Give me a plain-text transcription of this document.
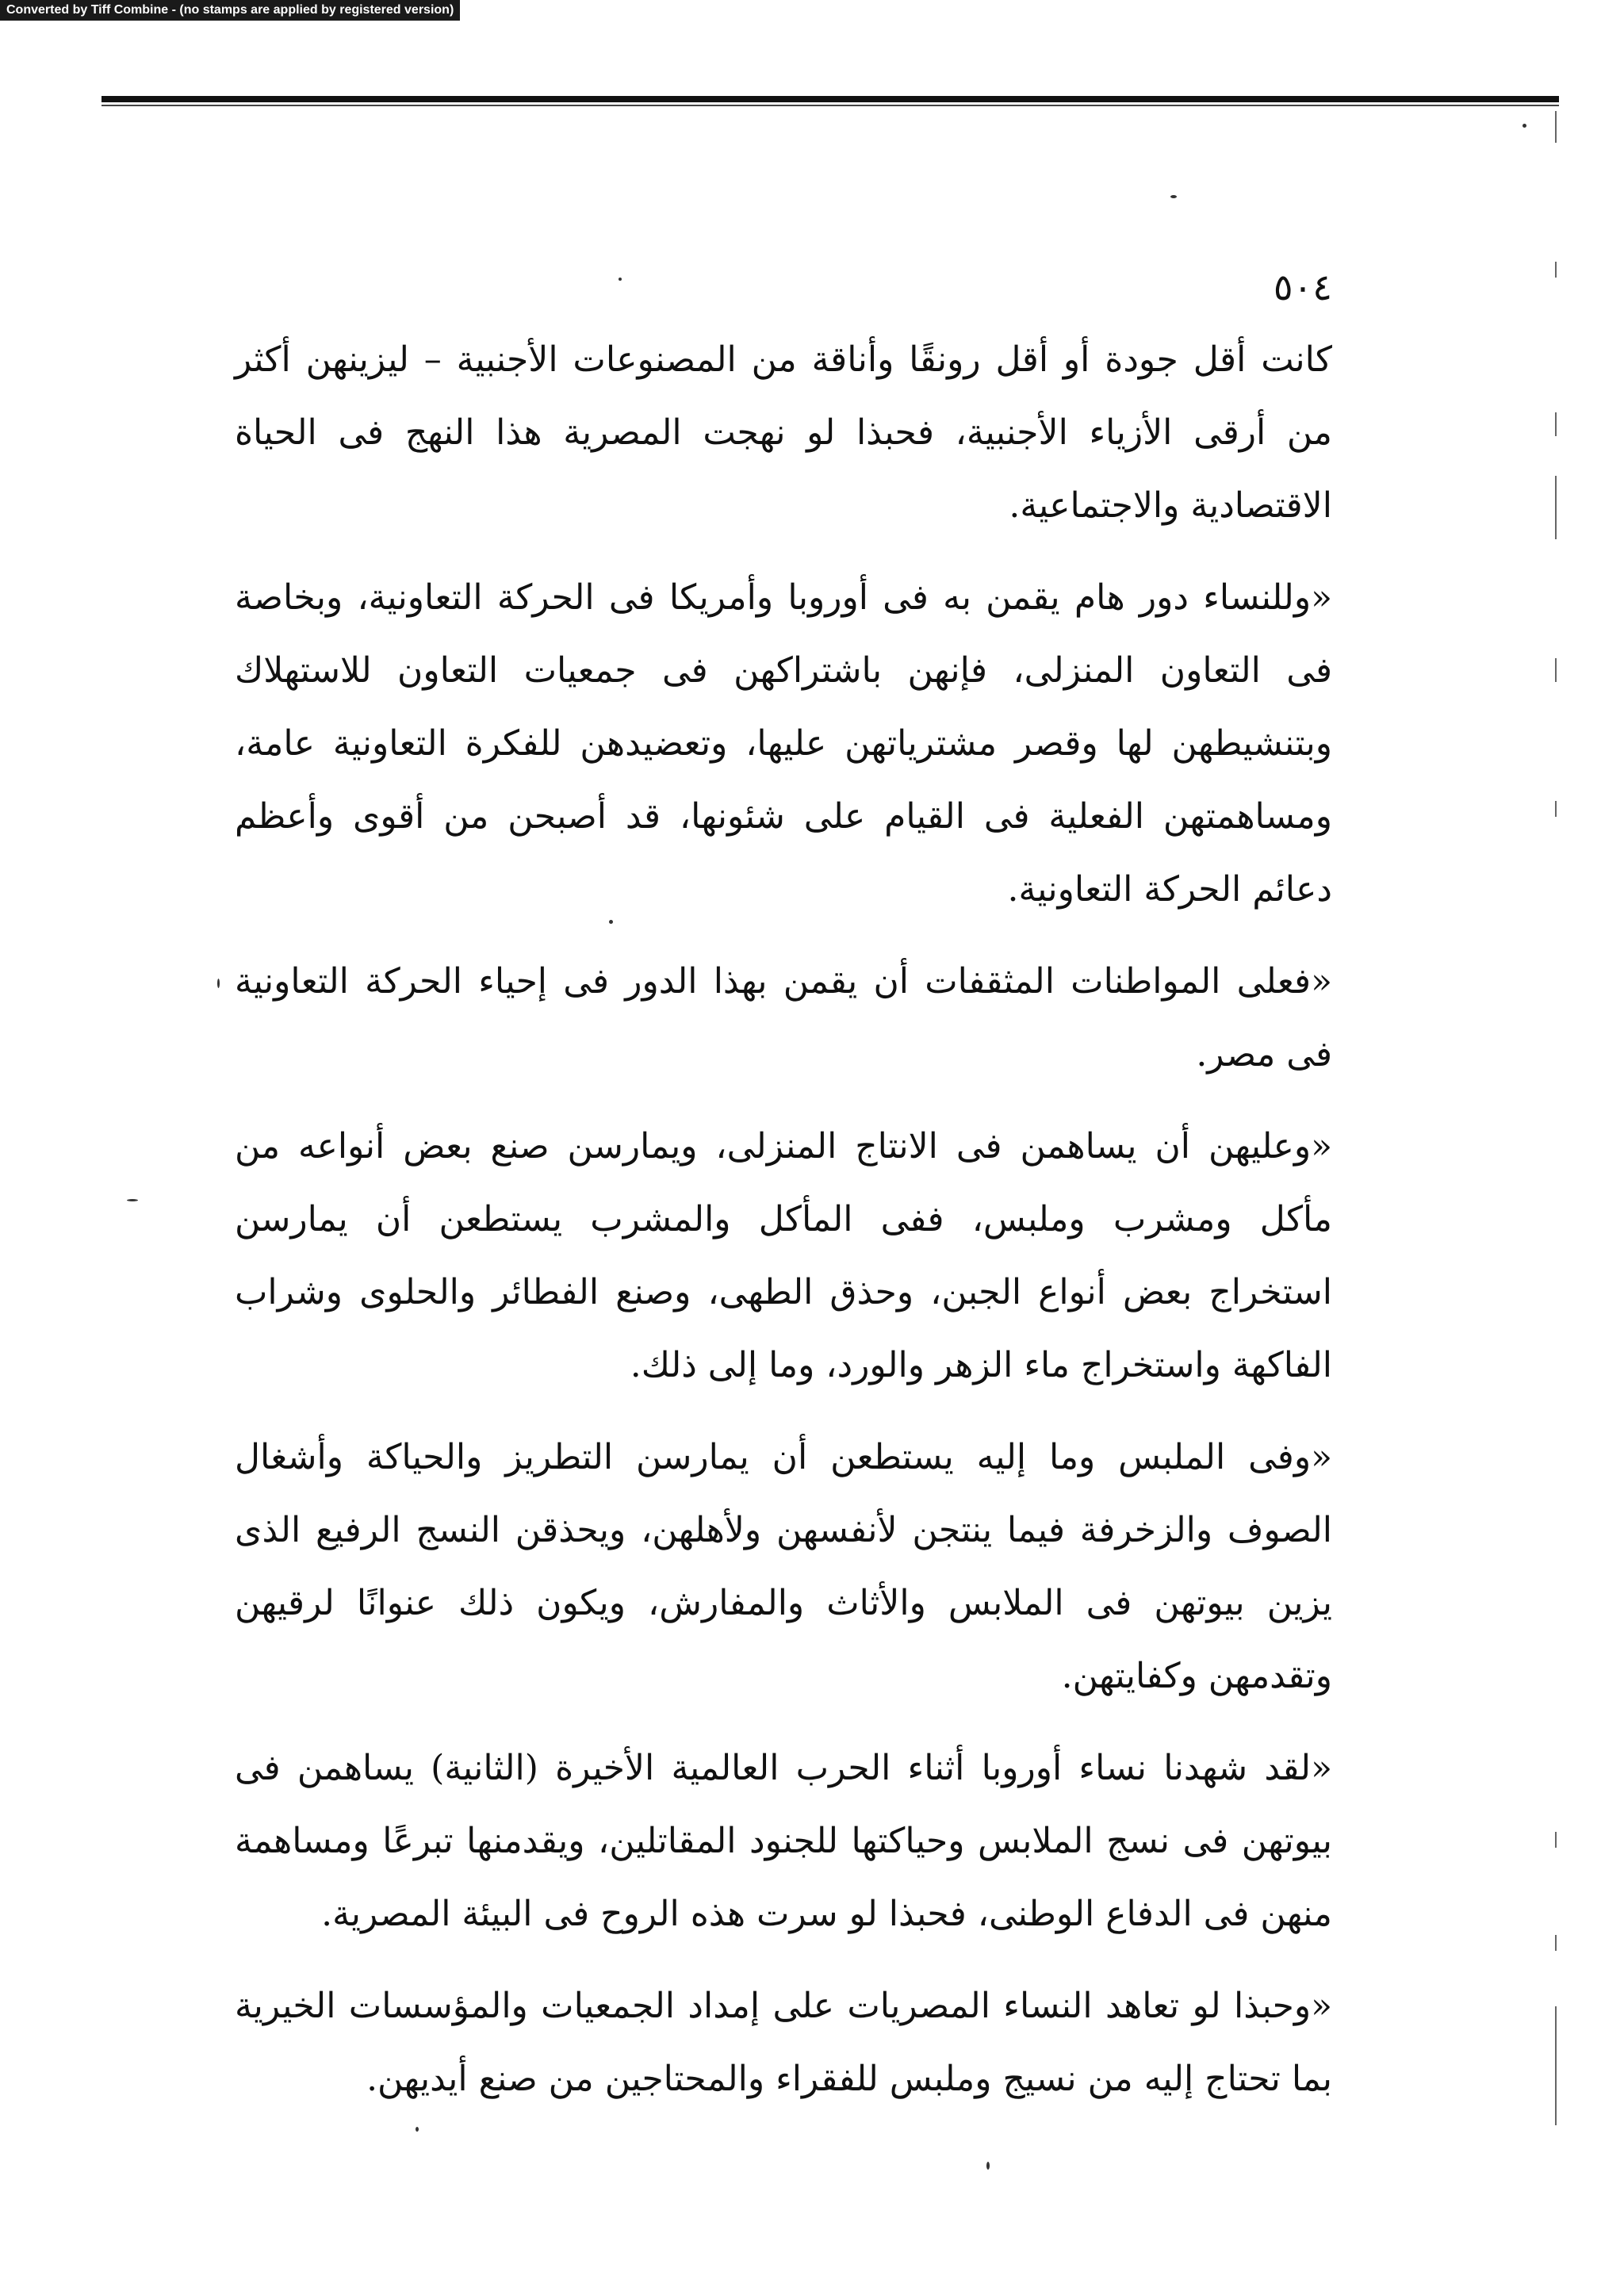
Converted by Tiff Combine - (no stamps are applied by registered version)
٥٠٤

كانت أقل جودة أو أقل رونقًا وأناقة من المصنوعات الأجنبية – ليزينهن أكثر من أرقى الأزياء الأجنبية، فحبذا لو نهجت المصرية هذا النهج فى الحياة الاقتصادية والاجتماعية.

«وللنساء دور هام يقمن به فى أوروبا وأمريكا فى الحركة التعاونية، وبخاصة فى التعاون المنزلى، فإنهن باشتراكهن فى جمعيات التعاون للاستهلاك وبتنشيطهن لها وقصر مشترياتهن عليها، وتعضيدهن للفكرة التعاونية عامة، ومساهمتهن الفعلية فى القيام على شئونها، قد أصبحن من أقوى وأعظم دعائم الحركة التعاونية.

«فعلى المواطنات المثقفات أن يقمن بهذا الدور فى إحياء الحركة التعاونية فى مصر.

«وعليهن أن يساهمن فى الانتاج المنزلى، ويمارسن صنع بعض أنواعه من مأكل ومشرب وملبس، ففى المأكل والمشرب يستطعن أن يمارسن استخراج بعض أنواع الجبن، وحذق الطهى، وصنع الفطائر والحلوى وشراب الفاكهة واستخراج ماء الزهر والورد، وما إلى ذلك.

«وفى الملبس وما إليه يستطعن أن يمارسن التطريز والحياكة وأشغال الصوف والزخرفة فيما ينتجن لأنفسهن ولأهلهن، ويحذقن النسج الرفيع الذى يزين بيوتهن فى الملابس والأثاث والمفارش، ويكون ذلك عنوانًا لرقيهن وتقدمهن وكفايتهن.

«لقد شهدنا نساء أوروبا أثناء الحرب العالمية الأخيرة (الثانية) يساهمن فى بيوتهن فى نسج الملابس وحياكتها للجنود المقاتلين، ويقدمنها تبرعًا ومساهمة منهن فى الدفاع الوطنى، فحبذا لو سرت هذه الروح فى البيئة المصرية.

«وحبذا لو تعاهد النساء المصريات على إمداد الجمعيات والمؤسسات الخيرية بما تحتاج إليه من نسيج وملبس للفقراء والمحتاجين من صنع أيديهن.
